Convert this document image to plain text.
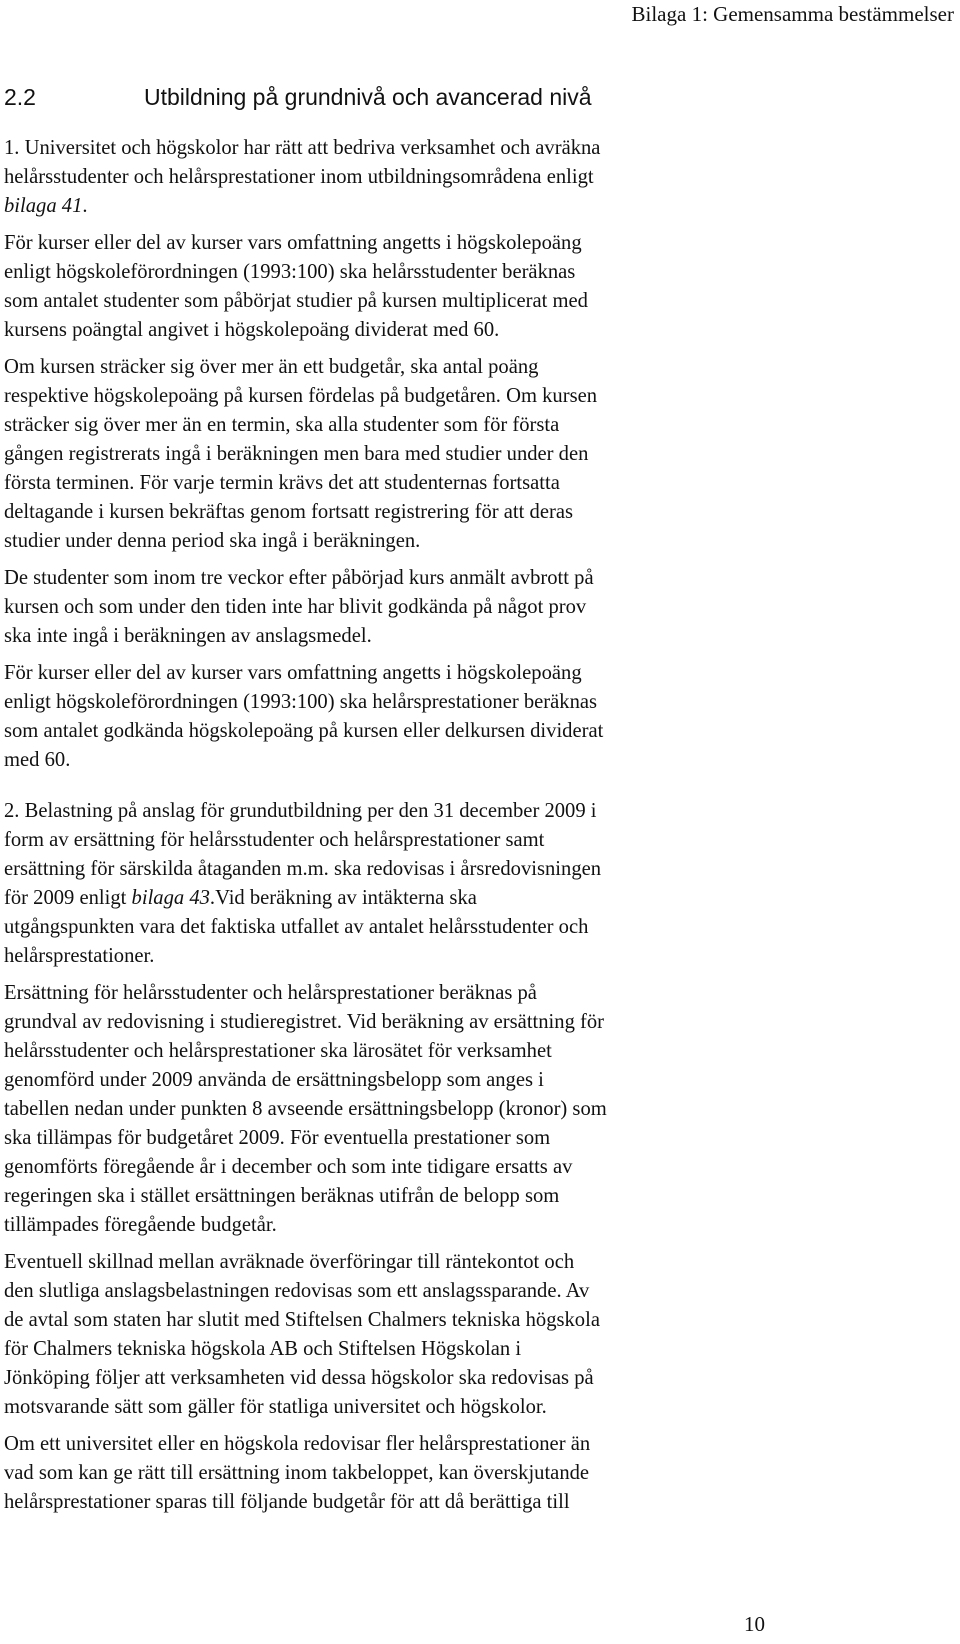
Bilaga 1: Gemensamma bestämmelser
2.2	Utbildning på grundnivå och avancerad nivå
1. Universitet och högskolor har rätt att bedriva verksamhet och avräkna
helårsstudenter och helårsprestationer inom utbildningsområdena enligt
bilaga 41.
För kurser eller del av kurser vars omfattning angetts i högskolepoäng
enligt högskoleförordningen (1993:100) ska helårsstudenter beräknas
som antalet studenter som påbörjat studier på kursen multiplicerat med
kursens poängtal angivet i högskolepoäng dividerat med 60.
Om kursen sträcker sig över mer än ett budgetår, ska antal poäng
respektive högskolepoäng på kursen fördelas på budgetåren. Om kursen
sträcker sig över mer än en termin, ska alla studenter som för första
gången registrerats ingå i beräkningen men bara med studier under den
första terminen. För varje termin krävs det att studenternas fortsatta
deltagande i kursen bekräftas genom fortsatt registrering för att deras
studier under denna period ska ingå i beräkningen.
De studenter som inom tre veckor efter påbörjad kurs anmält avbrott på
kursen och som under den tiden inte har blivit godkända på något prov
ska inte ingå i beräkningen av anslagsmedel.
För kurser eller del av kurser vars omfattning angetts i högskolepoäng
enligt högskoleförordningen (1993:100) ska helårsprestationer beräknas
som antalet godkända högskolepoäng på kursen eller delkursen dividerat
med 60.
2. Belastning på anslag för grundutbildning per den 31 december 2009 i
form av ersättning för helårsstudenter och helårsprestationer samt
ersättning för särskilda åtaganden m.m. ska redovisas i årsredovisningen
för 2009 enligt bilaga 43.Vid beräkning av intäkterna ska
utgångspunkten vara det faktiska utfallet av antalet helårsstudenter och
helårsprestationer.
Ersättning för helårsstudenter och helårsprestationer beräknas på
grundval av redovisning i studieregistret. Vid beräkning av ersättning för
helårsstudenter och helårsprestationer ska lärosätet för verksamhet
genomförd under 2009 använda de ersättningsbelopp som anges i
tabellen nedan under punkten 8 avseende ersättningsbelopp (kronor) som
ska tillämpas för budgetåret 2009. För eventuella prestationer som
genomförts föregående år i december och som inte tidigare ersatts av
regeringen ska i stället ersättningen beräknas utifrån de belopp som
tillämpades föregående budgetår.
Eventuell skillnad mellan avräknade överföringar till räntekontot och
den slutliga anslagsbelastningen redovisas som ett anslagssparande. Av
de avtal som staten har slutit med Stiftelsen Chalmers tekniska högskola
för Chalmers tekniska högskola AB och Stiftelsen Högskolan i
Jönköping följer att verksamheten vid dessa högskolor ska redovisas på
motsvarande sätt som gäller för statliga universitet och högskolor.
Om ett universitet eller en högskola redovisar fler helårsprestationer än
vad som kan ge rätt till ersättning inom takbeloppet, kan överskjutande
helårsprestationer sparas till följande budgetår för att då berättiga till
10
